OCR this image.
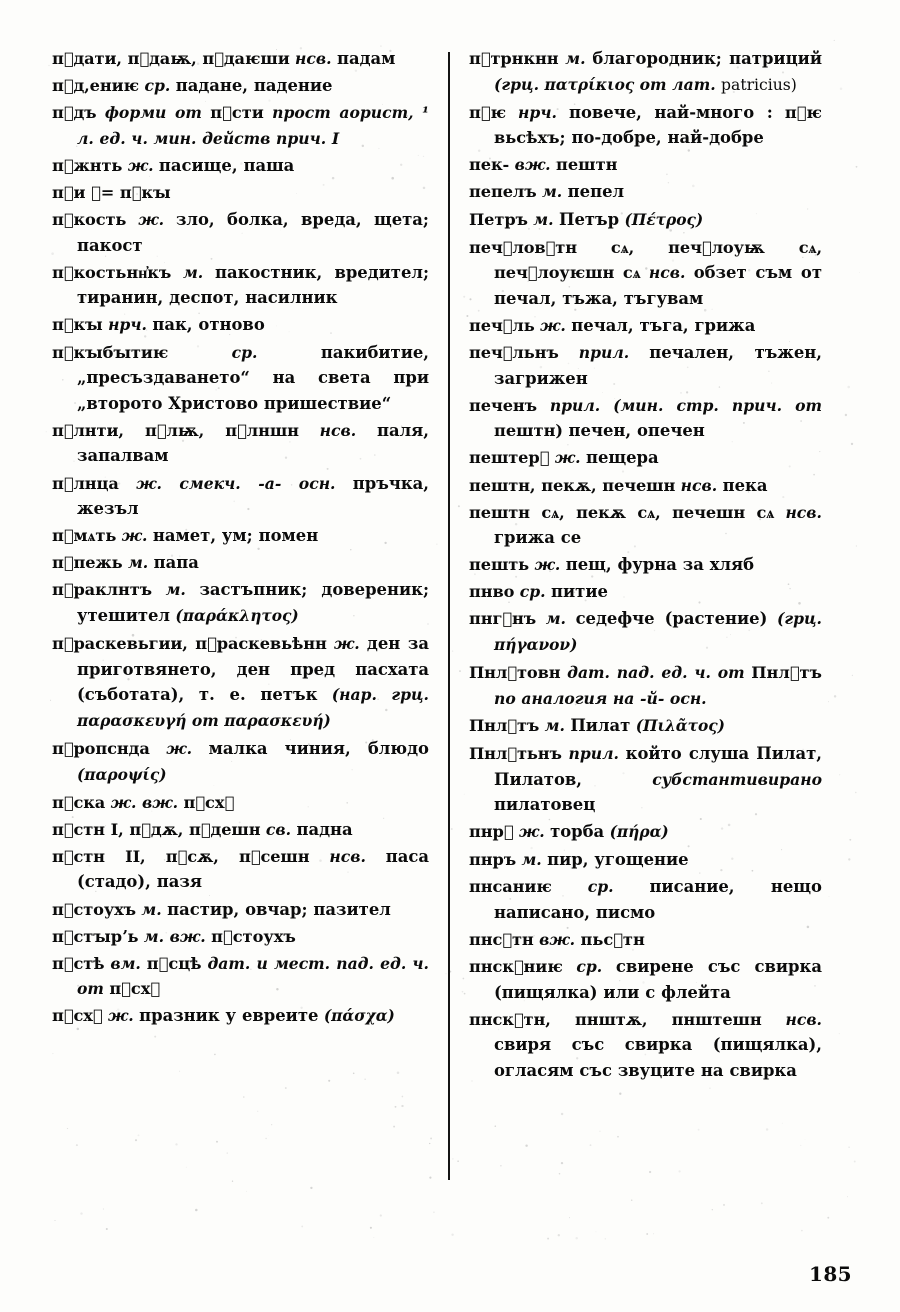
пⷶдати, пⷶдаѭ, пⷶдаѥши нсв. падам

пⷶд,ениѥ ср. падане, падение

пⷶдъ форми от пⷶсти прост аорист, ¹ л. ед. ч. мин. действ прич. I

пⷶжнть ж. пасище, паша

пⷶи ⁀= пⷶкꙑ

пⷶкость ж. зло, болка, вреда, щета; пакост

пⷶкостьнн҆къ м. пакостник, вредител; тиранин, деспот, насилник

пⷶкꙑ нрч. пак, отново

пⷶкꙑбꙑтиѥ	ср.	пакибитие, „пресъздаването“ на света при „второто Христово пришествие“

пⷶлнти, пⷶлѭ, пⷶлншн нсв. паля, запалвам

пⷶлнца ж. смекч. -а- осн. пръчка, жезъл

пⷶмѧть ж. намет, ум; помен

пⷶпежь м. папа

пⷶраклнтъ м. застъпник; доверeник; утешител (παράκλητος)

пⷶраскевьгии, пⷶраскевьѣнн ж. ден за приготвянето, ден пред пасхата (съботата), т. е. петък (нар. грц. παρασκευγή от παρασκευή)

пⷶропснда ж. малка чиния, блюдо (παροψίς)

пⷶска ж. вж. пⷶсхⷶ

пⷶстн I, пⷶдѫ, пⷶдешн св. падна

пⷶстн II, пⷶсѫ, пⷶсешн нсв. паса (стадо), пазя

пⷶстоухъ м. пастир, овчар; пазител

пⷶстꙑрʼь м. вж. пⷶстоухъ

пⷶстѣ вм. пⷶсцѣ дат. и мест. пад. ед. ч. от пⷶсхⷶ

пⷶсхⷶ ж. празник у евреите (πάσχα)

пⷶтрнкнн м. благородник; патриций (грц. πατρίκιος от лат. patricius)

пⷶѥ нрч. повече, най-много : пⷶѥ вьсѣхъ; по-добре, най-добре

пек- вж. пештн

пепелъ м. пепел

Петръ м. Петър (Πέτρος)

печⷶловⷶтн сѧ, печⷶлоуѭ сѧ, печⷶлоуѥшн сѧ нсв. обзет съм от печал, тъжа, тъгувам

печⷶль ж. печал, тъга, грижа

печⷶльнъ прил. печален, тъжен, загрижен

печенъ прил. (мин. стр. прич. от пештн) печен, опечен

пештерⷶ ж. пещера

пештн, пекѫ, печешн нсв. пека

пештн сѧ, пекѫ сѧ, печешн сѧ нсв. грижа се

пешть ж. пещ, фурна за хляб

пнво ср. питие

пнгⷶнъ м. седефче (растение) (грц. πήγανον)

Пнлⷶтовн дат. пад. ед. ч. от Пнлⷶтъ по аналогия на -й- осн.

Пнлⷶтъ м. Пилат (Πιλᾶτος)

Пнлⷶтьнъ прил. който слуша Пилат, Пилатов,	субстантивирано пилатовец

пнрⷶ ж. торба (πήρα)

пнръ м. пир, угощение

пнсаниѥ ср. писание, нещо написано, писмо

пнсⷶтн вж. пьсⷶтн

пнскⷶниѥ ср. свирене със свирка (пищялка) или с флейта

пнскⷶтн, пнштѫ, пнштешн нсв. свиря със свирка (пищялка), огласям със звуците на свирка

185
